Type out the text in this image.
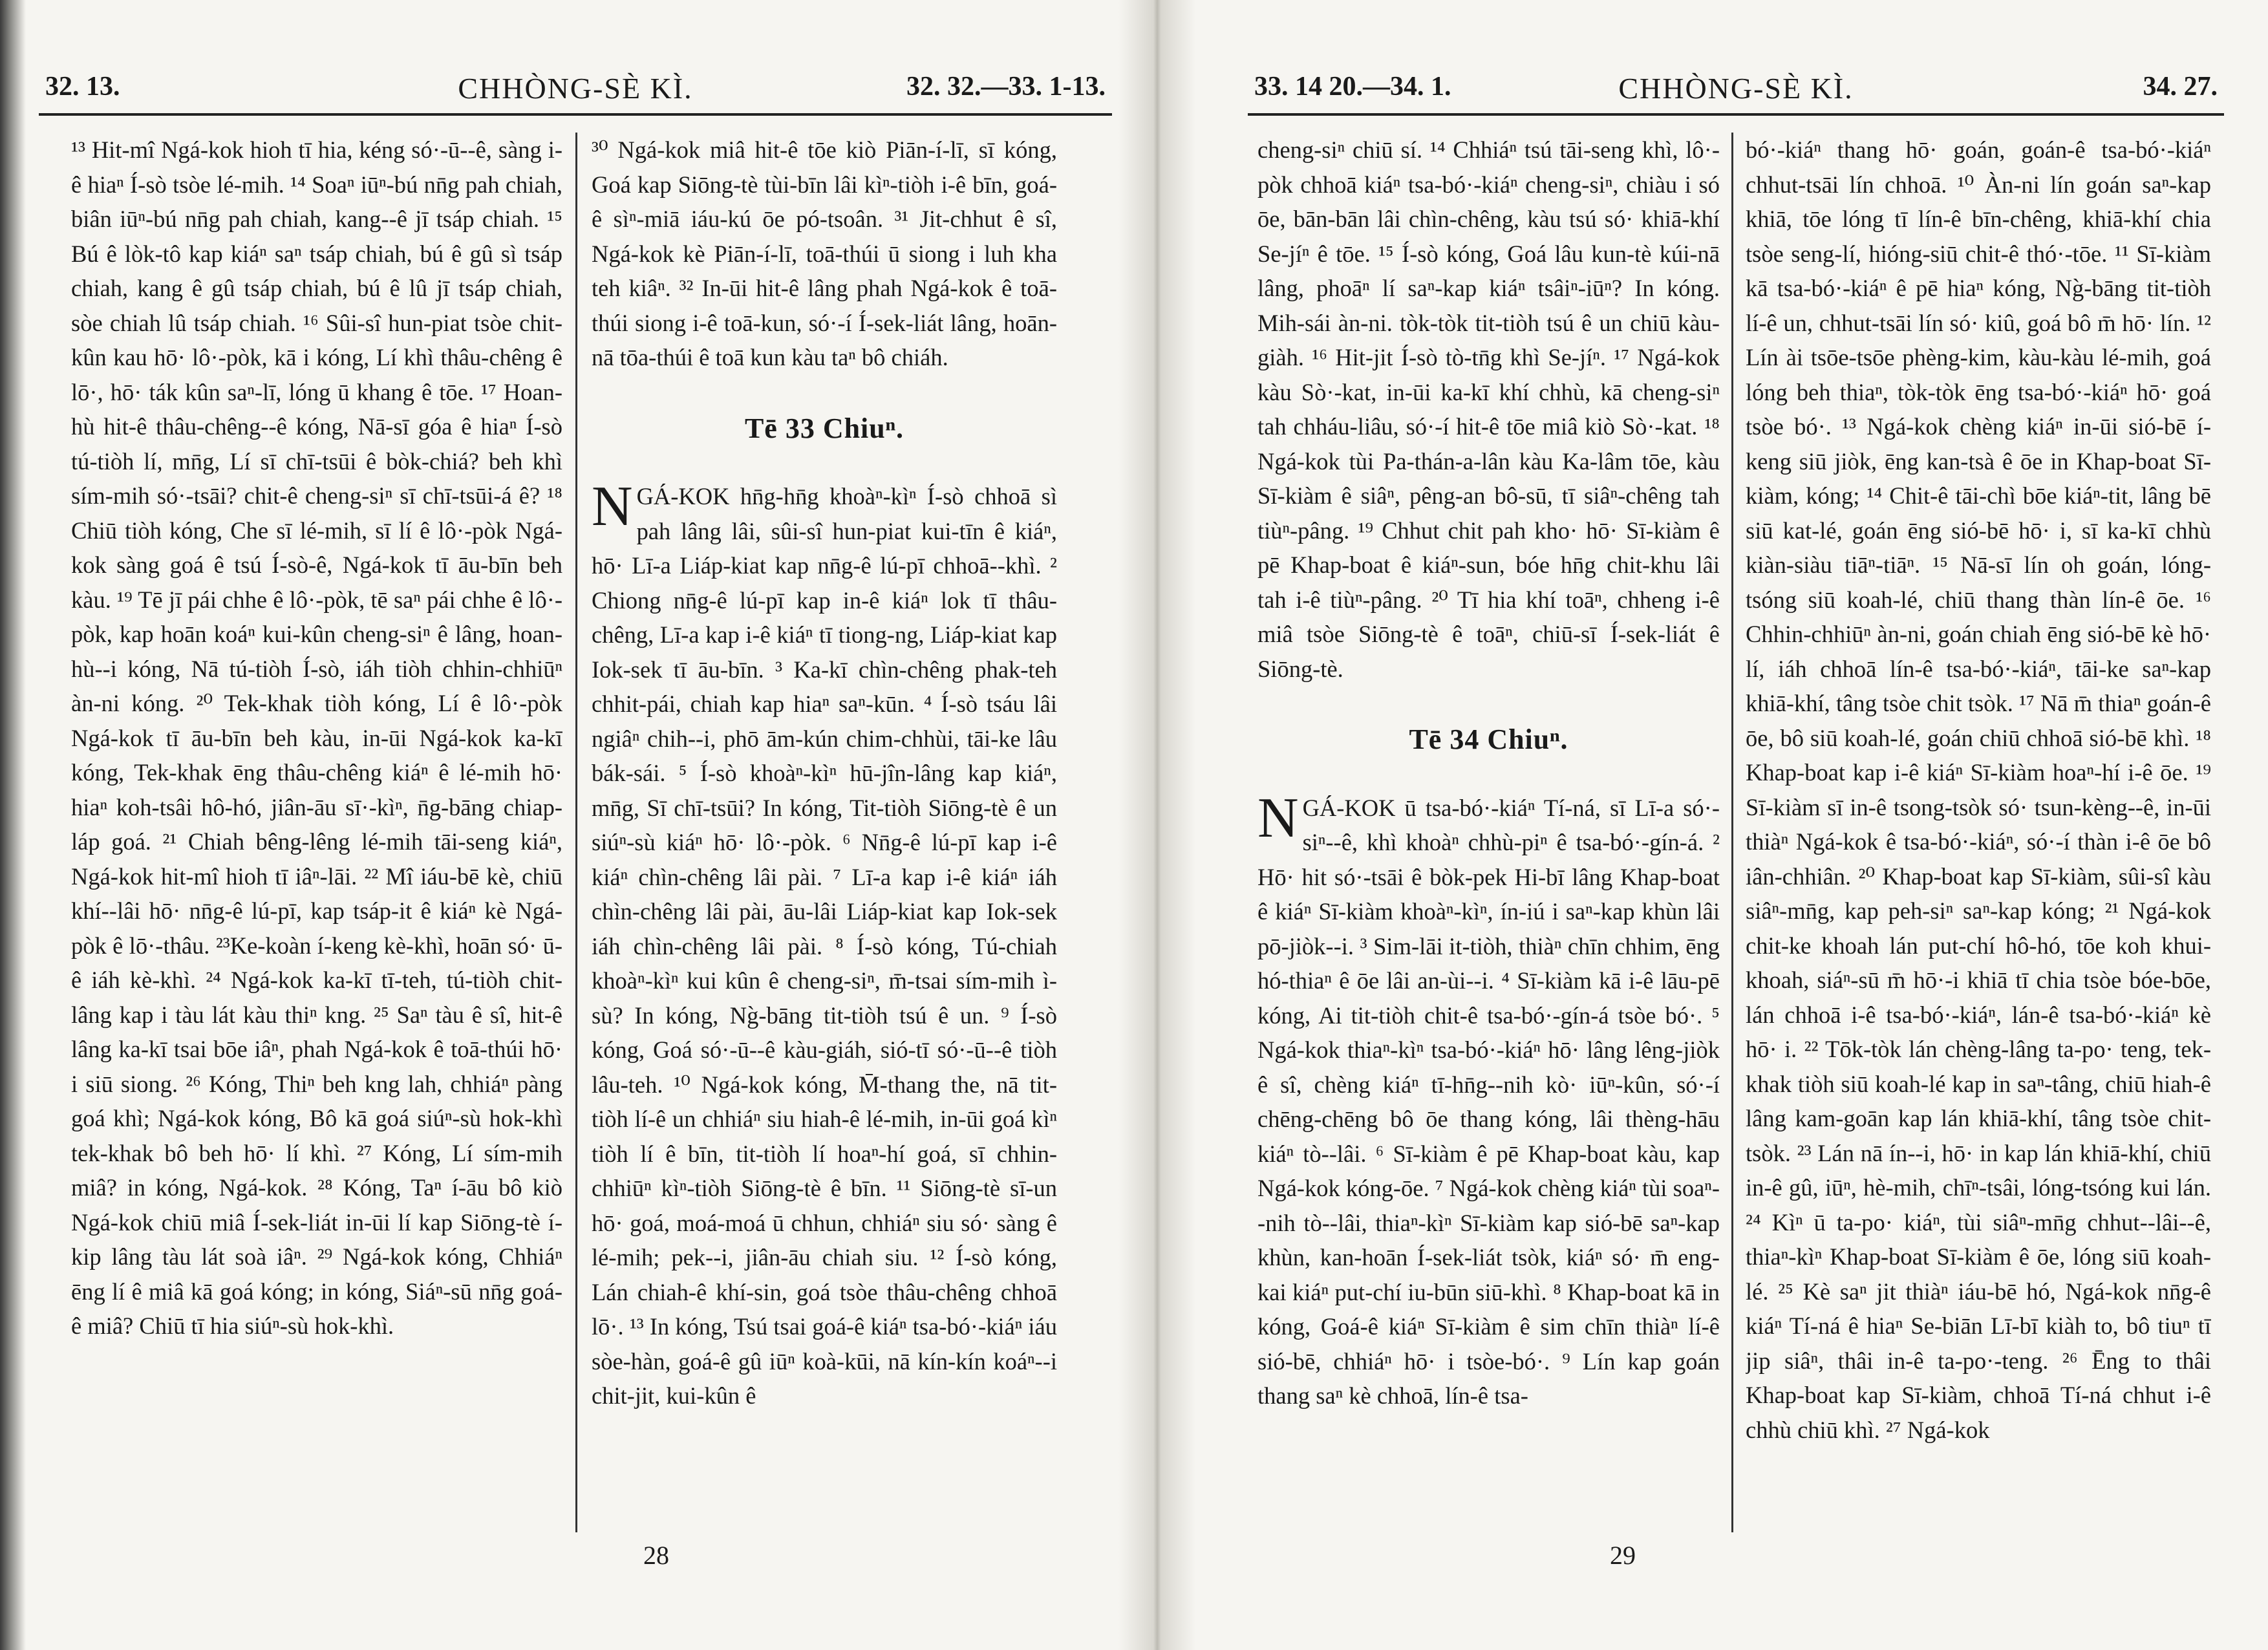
32. 13.	CHHÒNG-SÈ KÌ.	32. 32.—33. 1-13.

¹³ Hit-mî Ngá-kok hioh tī hia, kéng só·-ū--ê, sàng i-ê hiaⁿ Í-sò tsòe lé-mih. ¹⁴ Soaⁿ iūⁿ-bú nn̄g pah chiah, biân iūⁿ-bú nn̄g pah chiah, kang--ê jī tsáp chiah. ¹⁵ Bú ê lòk-tô kap kiáⁿ saⁿ tsáp chiah, bú ê gû sì tsáp chiah, kang ê gû tsáp chiah, bú ê lû jī tsáp chiah, sòe chiah lû tsáp chiah. ¹⁶ Sûi-sî hun-piat tsòe chit-kûn kau hō· lô·-pòk, kā i kóng, Lí khì thâu-chêng ê lō·, hō· ták kûn saⁿ-lī, lóng ū khang ê tōe. ¹⁷ Hoan-hù hit-ê thâu-chêng--ê kóng, Nā-sī góa ê hiaⁿ Í-sò tú-tiòh lí, mn̄g, Lí sī chī-tsūi ê bòk-chiá? beh khì sím-mih só·-tsāi? chit-ê cheng-siⁿ sī chī-tsūi-á ê? ¹⁸ Chiū tiòh kóng, Che sī lé-mih, sī lí ê lô·-pòk Ngá-kok sàng goá ê tsú Í-sò-ê, Ngá-kok tī āu-bīn beh kàu. ¹⁹ Tē jī pái chhe ê lô·-pòk, tē saⁿ pái chhe ê lô·-pòk, kap hoān koáⁿ kui-kûn cheng-siⁿ ê lâng, hoan-hù--i kóng, Nā tú-tiòh Í-sò, iáh tiòh chhin-chhiūⁿ àn-ni kóng. ²⁰ Tek-khak tiòh kóng, Lí ê lô·-pòk Ngá-kok tī āu-bīn beh kàu, in-ūi Ngá-kok ka-kī kóng, Tek-khak ēng thâu-chêng kiáⁿ ê lé-mih hō· hiaⁿ koh-tsâi hô-hó, jiân-āu sī·-kìⁿ, n̄g-bāng chiap-láp goá. ²¹ Chiah bêng-lêng lé-mih tāi-seng kiáⁿ, Ngá-kok hit-mî hioh tī iâⁿ-lāi. ²² Mî iáu-bē kè, chiū khí--lâi hō· nn̄g-ê lú-pī, kap tsáp-it ê kiáⁿ kè Ngá-pòk ê lō·-thâu. ²³Ke-koàn í-keng kè-khì, hoān só· ū-ê iáh kè-khì. ²⁴ Ngá-kok ka-kī tī-teh, tú-tiòh chit-lâng kap i tàu lát kàu thiⁿ kng. ²⁵ Saⁿ tàu ê sî, hit-ê lâng ka-kī tsai bōe iâⁿ, phah Ngá-kok ê toā-thúi hō· i siū siong. ²⁶ Kóng, Thiⁿ beh kng lah, chhiáⁿ pàng goá khì; Ngá-kok kóng, Bô kā goá siúⁿ-sù hok-khì tek-khak bô beh hō· lí khì. ²⁷ Kóng, Lí sím-mih miâ? in kóng, Ngá-kok. ²⁸ Kóng, Taⁿ í-āu bô kiò Ngá-kok chiū miâ Í-sek-liát in-ūi lí kap Siōng-tè í-kip lâng tàu lát soà iâⁿ. ²⁹ Ngá-kok kóng, Chhiáⁿ ēng lí ê miâ kā goá kóng; in kóng, Siáⁿ-sū nn̄g goá-ê miâ? Chiū tī hia siúⁿ-sù hok-khì.

³⁰ Ngá-kok miâ hit-ê tōe kiò Piān-í-lī, sī kóng, Goá kap Siōng-tè tùi-bīn lâi kìⁿ-tiòh i-ê bīn, goá-ê sìⁿ-miā iáu-kú ōe pó-tsoân. ³¹ Jit-chhut ê sî, Ngá-kok kè Piān-í-lī, toā-thúi ū siong i luh kha teh kiâⁿ. ³² In-ūi hit-ê lâng phah Ngá-kok ê toā-thúi siong i-ê toā-kun, só·-í Í-sek-liát lâng, hoān-nā tōa-thúi ê toā kun kàu taⁿ bô chiáh.

Tē 33 Chiuⁿ.

NGÁ-KOK hn̄g-hn̄g khoàⁿ-kìⁿ Í-sò chhoā sì pah lâng lâi, sûi-sî hun-piat kui-tīn ê kiáⁿ, hō· Lī-a Liáp-kiat kap nn̄g-ê lú-pī chhoā--khì. ² Chiong nn̄g-ê lú-pī kap in-ê kiáⁿ lok tī thâu-chêng, Lī-a kap i-ê kiáⁿ tī tiong-ng, Liáp-kiat kap Iok-sek tī āu-bīn. ³ Ka-kī chìn-chêng phak-teh chhit-pái, chiah kap hiaⁿ saⁿ-kūn. ⁴ Í-sò tsáu lâi ngiâⁿ chih--i, phō ām-kún chim-chhùi, tāi-ke lâu bák-sái. ⁵ Í-sò khoàⁿ-kìⁿ hū-jîn-lâng kap kiáⁿ, mn̄g, Sī chī-tsūi? In kóng, Tit-tiòh Siōng-tè ê un siúⁿ-sù kiáⁿ hō· lô·-pòk. ⁶ Nn̄g-ê lú-pī kap i-ê kiáⁿ chìn-chêng lâi pài. ⁷ Lī-a kap i-ê kiáⁿ iáh chìn-chêng lâi pài, āu-lâi Liáp-kiat kap Iok-sek iáh chìn-chêng lâi pài. ⁸ Í-sò kóng, Tú-chiah khoàⁿ-kìⁿ kui kûn ê cheng-siⁿ, m̄-tsai sím-mih ì-sù? In kóng, Ng̀-bāng tit-tiòh tsú ê un. ⁹ Í-sò kóng, Goá só·-ū--ê kàu-giáh, sió-tī só·-ū--ê tiòh lâu-teh. ¹⁰ Ngá-kok kóng, M̄-thang the, nā tit-tiòh lí-ê un chhiáⁿ siu hiah-ê lé-mih, in-ūi goá kìⁿ tiòh lí ê bīn, tit-tiòh lí hoaⁿ-hí goá, sī chhin-chhiūⁿ kìⁿ-tiòh Siōng-tè ê bīn. ¹¹ Siōng-tè sī-un hō· goá, moá-moá ū chhun, chhiáⁿ siu só· sàng ê lé-mih; pek--i, jiân-āu chiah siu. ¹² Í-sò kóng, Lán chiah-ê khí-sin, goá tsòe thâu-chêng chhoā lō·. ¹³ In kóng, Tsú tsai goá-ê kiáⁿ tsa-bó·-kiáⁿ iáu sòe-hàn, goá-ê gû iūⁿ koà-kūi, nā kín-kín koáⁿ--i chit-jit, kui-kûn ê

28
33. 14 20.—34. 1.	CHHÒNG-SÈ KÌ.	34. 27.

cheng-siⁿ chiū sí. ¹⁴ Chhiáⁿ tsú tāi-seng khì, lô·-pòk chhoā kiáⁿ tsa-bó·-kiáⁿ cheng-siⁿ, chiàu i só ōe, bān-bān lâi chìn-chêng, kàu tsú só· khiā-khí Se-jíⁿ ê tōe. ¹⁵ Í-sò kóng, Goá lâu kun-tè kúi-nā lâng, phoāⁿ lí saⁿ-kap kiáⁿ tsâiⁿ-iūⁿ? In kóng. Mih-sái àn-ni. tòk-tòk tit-tiòh tsú ê un chiū kàu-giàh. ¹⁶ Hit-jit Í-sò tò-tn̄g khì Se-jíⁿ. ¹⁷ Ngá-kok kàu Sò·-kat, in-ūi ka-kī khí chhù, kā cheng-siⁿ tah chháu-liâu, só·-í hit-ê tōe miâ kiò Sò·-kat. ¹⁸ Ngá-kok tùi Pa-thán-a-lân kàu Ka-lâm tōe, kàu Sī-kiàm ê siâⁿ, pêng-an bô-sū, tī siâⁿ-chêng tah tiùⁿ-pâng. ¹⁹ Chhut chit pah kho· hō· Sī-kiàm ê pē Khap-boat ê kiáⁿ-sun, bóe hn̄g chit-khu lâi tah i-ê tiùⁿ-pâng. ²⁰ Tī hia khí toāⁿ, chheng i-ê miâ tsòe Siōng-tè ê toāⁿ, chiū-sī Í-sek-liát ê Siōng-tè.

Tē 34 Chiuⁿ.

NGÁ-KOK ū tsa-bó·-kiáⁿ Tí-ná, sī Lī-a só·-siⁿ--ê, khì khoàⁿ chhù-piⁿ ê tsa-bó·-gín-á. ² Hō· hit só·-tsāi ê bòk-pek Hi-bī lâng Khap-boat ê kiáⁿ Sī-kiàm khoàⁿ-kìⁿ, ín-iú i saⁿ-kap khùn lâi pō-jiòk--i. ³ Sim-lāi it-tiòh, thiàⁿ chīn chhim, ēng hó-thiaⁿ ê ōe lâi an-ùi--i. ⁴ Sī-kiàm kā i-ê lāu-pē kóng, Ai tit-tiòh chit-ê tsa-bó·-gín-á tsòe bó·. ⁵ Ngá-kok thiaⁿ-kìⁿ tsa-bó·-kiáⁿ hō· lâng lêng-jiòk ê sî, chèng kiáⁿ tī-hn̄g--nih kò· iūⁿ-kûn, só·-í chēng-chēng bô ōe thang kóng, lâi thèng-hāu kiáⁿ tò--lâi. ⁶ Sī-kiàm ê pē Khap-boat kàu, kap Ngá-kok kóng-ōe. ⁷ Ngá-kok chèng kiáⁿ tùi soaⁿ--nih tò--lâi, thiaⁿ-kìⁿ Sī-kiàm kap sió-bē saⁿ-kap khùn, kan-hoān Í-sek-liát tsòk, kiáⁿ só· m̄ eng-kai kiáⁿ put-chí iu-būn siū-khì. ⁸ Khap-boat kā in kóng, Goá-ê kiáⁿ Sī-kiàm ê sim chīn thiàⁿ lí-ê sió-bē, chhiáⁿ hō· i tsòe-bó·. ⁹ Lín kap goán thang saⁿ kè chhoā, lín-ê tsa-

bó·-kiáⁿ thang hō· goán, goán-ê tsa-bó·-kiáⁿ chhut-tsāi lín chhoā. ¹⁰ Àn-ni lín goán saⁿ-kap khiā, tōe lóng tī lín-ê bīn-chêng, khiā-khí chia tsòe seng-lí, hióng-siū chit-ê thó·-tōe. ¹¹ Sī-kiàm kā tsa-bó·-kiáⁿ ê pē hiaⁿ kóng, Ng̀-bāng tit-tiòh lí-ê un, chhut-tsāi lín só· kiû, goá bô m̄ hō· lín. ¹² Lín ài tsōe-tsōe phèng-kim, kàu-kàu lé-mih, goá lóng beh thiaⁿ, tòk-tòk ēng tsa-bó·-kiáⁿ hō· goá tsòe bó·. ¹³ Ngá-kok chèng kiáⁿ in-ūi sió-bē í-keng siū jiòk, ēng kan-tsà ê ōe in Khap-boat Sī-kiàm, kóng; ¹⁴ Chit-ê tāi-chì bōe kiáⁿ-tit, lâng bē siū kat-lé, goán ēng sió-bē hō· i, sī ka-kī chhù kiàn-siàu tiāⁿ-tiāⁿ. ¹⁵ Nā-sī lín oh goán, lóng-tsóng siū koah-lé, chiū thang thàn lín-ê ōe. ¹⁶ Chhin-chhiūⁿ àn-ni, goán chiah ēng sió-bē kè hō· lí, iáh chhoā lín-ê tsa-bó·-kiáⁿ, tāi-ke saⁿ-kap khiā-khí, tâng tsòe chit tsòk. ¹⁷ Nā m̄ thiaⁿ goán-ê ōe, bô siū koah-lé, goán chiū chhoā sió-bē khì. ¹⁸ Khap-boat kap i-ê kiáⁿ Sī-kiàm hoaⁿ-hí i-ê ōe. ¹⁹ Sī-kiàm sī in-ê tsong-tsòk só· tsun-kèng--ê, in-ūi thiàⁿ Ngá-kok ê tsa-bó·-kiáⁿ, só·-í thàn i-ê ōe bô iân-chhiân. ²⁰ Khap-boat kap Sī-kiàm, sûi-sî kàu siâⁿ-mn̄g, kap peh-siⁿ saⁿ-kap kóng; ²¹ Ngá-kok chit-ke khoah lán put-chí hô-hó, tōe koh khui-khoah, siáⁿ-sū m̄ hō·-i khiā tī chia tsòe bóe-bōe, lán chhoā i-ê tsa-bó·-kiáⁿ, lán-ê tsa-bó·-kiáⁿ kè hō· i. ²² Tōk-tòk lán chèng-lâng ta-po· teng, tek-khak tiòh siū koah-lé kap in saⁿ-tâng, chiū hiah-ê lâng kam-goān kap lán khiā-khí, tâng tsòe chit-tsòk. ²³ Lán nā ín--i, hō· in kap lán khiā-khí, chiū in-ê gû, iūⁿ, hè-mih, chīⁿ-tsâi, lóng-tsóng kui lán. ²⁴ Kìⁿ ū ta-po· kiáⁿ, tùi siâⁿ-mn̄g chhut--lâi--ê, thiaⁿ-kìⁿ Khap-boat Sī-kiàm ê ōe, lóng siū koah-lé. ²⁵ Kè saⁿ jit thiàⁿ iáu-bē hó, Ngá-kok nn̄g-ê kiáⁿ Tí-ná ê hiaⁿ Se-biān Lī-bī kiàh to, bô tiuⁿ tī jip siâⁿ, thâi in-ê ta-po·-teng. ²⁶ Ēng to thâi Khap-boat kap Sī-kiàm, chhoā Tí-ná chhut i-ê chhù chiū khì. ²⁷ Ngá-kok

29
